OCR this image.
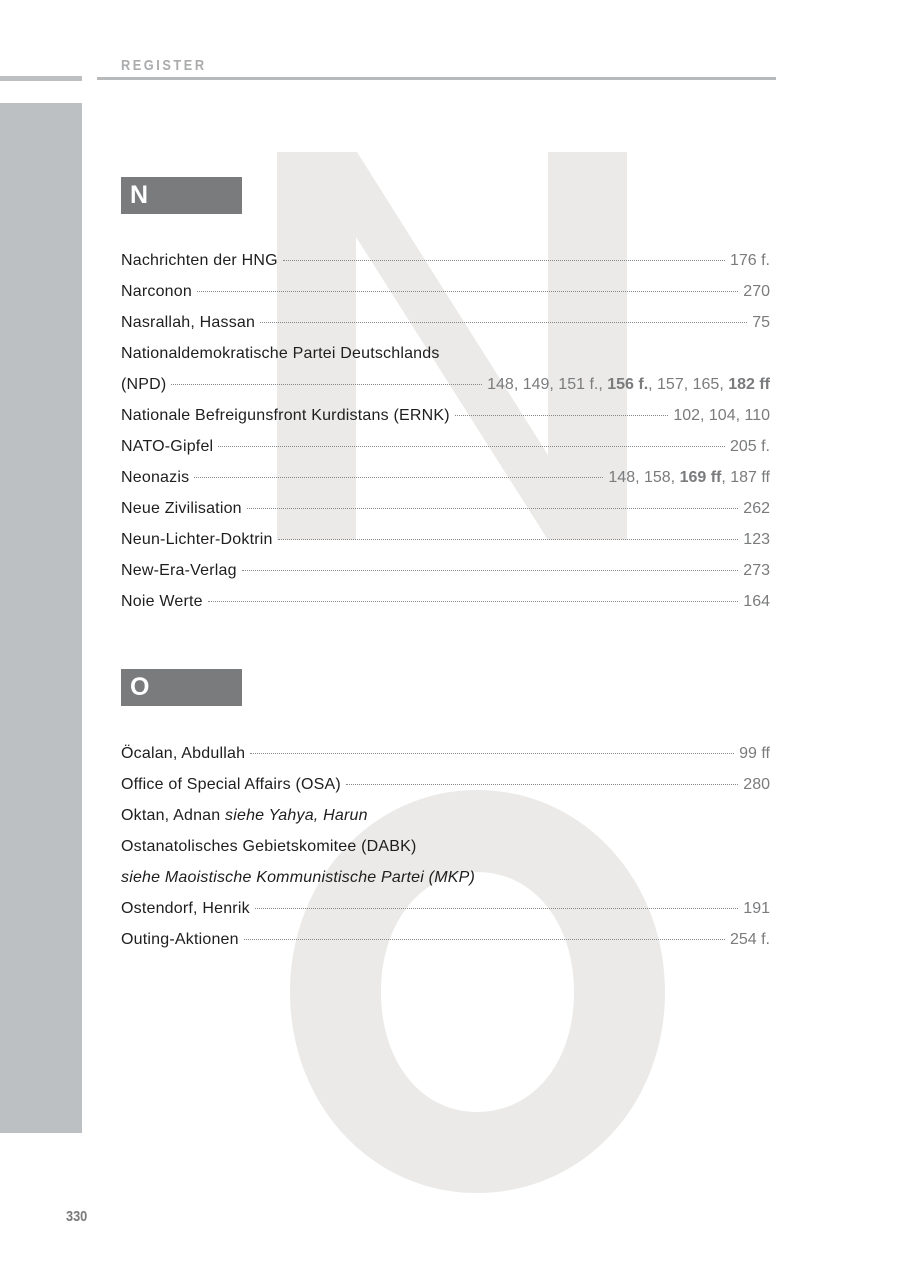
REGISTER
N
Nachrichten der HNG	176 f.
Narconon	270
Nasrallah, Hassan	75
Nationaldemokratische Partei Deutschlands
(NPD)	148, 149, 151 f., 156 f., 157, 165, 182 ff
Nationale Befreigunsfront Kurdistans (ERNK)	102, 104, 110
NATO-Gipfel	205 f.
Neonazis	148, 158, 169 ff, 187 ff
Neue Zivilisation	262
Neun-Lichter-Doktrin	123
New-Era-Verlag	273
Noie Werte	164
O
Öcalan, Abdullah	99 ff
Office of Special Affairs (OSA)	280
Oktan, Adnan siehe Yahya, Harun
Ostanatolisches Gebietskomitee (DABK)
siehe Maoistische Kommunistische Partei (MKP)
Ostendorf, Henrik	191
Outing-Aktionen	254 f.
330
